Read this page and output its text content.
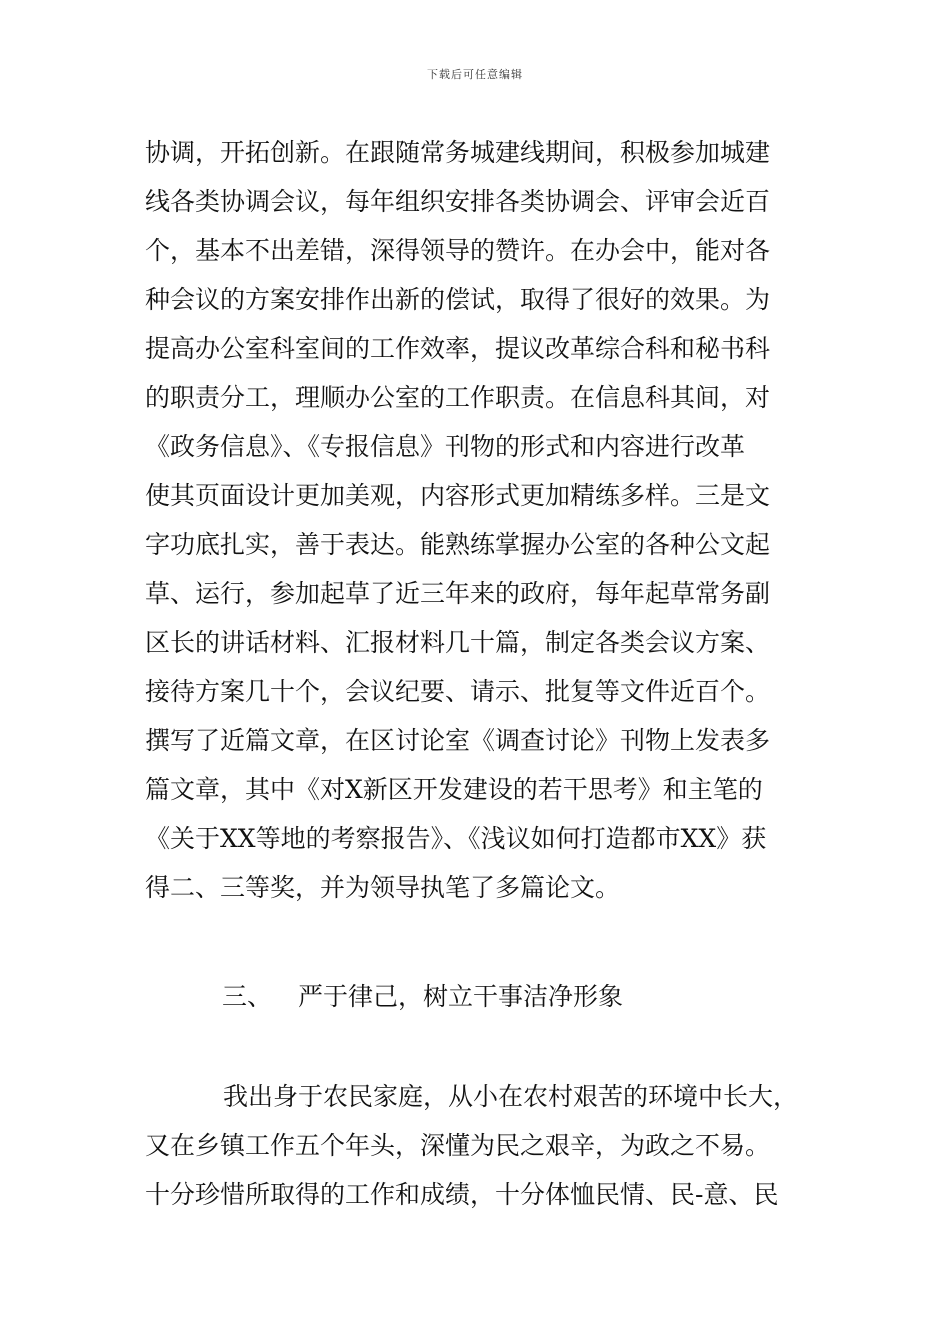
下载后可任意编辑
协调，开拓创新。在跟随常务城建线期间，积极参加城建
线各类协调会议，每年组织安排各类协调会、评审会近百
个，基本不出差错，深得领导的赞许。在办会中，能对各
种会议的方案安排作出新的偿试，取得了很好的效果。为
提高办公室科室间的工作效率，提议改革综合科和秘书科
的职责分工，理顺办公室的工作职责。在信息科其间，对
《政务信息》、《专报信息》刊物的形式和内容进行改革
使其页面设计更加美观，内容形式更加精练多样。三是文
字功底扎实，善于表达。能熟练掌握办公室的各种公文起
草、运行，参加起草了近三年来的政府，每年起草常务副
区长的讲话材料、汇报材料几十篇，制定各类会议方案、
接待方案几十个，会议纪要、请示、批复等文件近百个。
撰写了近篇文章，在区讨论室《调查讨论》刊物上发表多
篇文章，其中《对X新区开发建设的若干思考》和主笔的
《关于XX等地的考察报告》、《浅议如何打造都市XX》获
得二、三等奖，并为领导执笔了多篇论文。
三、 严于律己，树立干事洁净形象
我出身于农民家庭，从小在农村艰苦的环境中长大，
又在乡镇工作五个年头，深懂为民之艰辛，为政之不易。
十分珍惜所取得的工作和成绩，十分体恤民情、民-意、民
